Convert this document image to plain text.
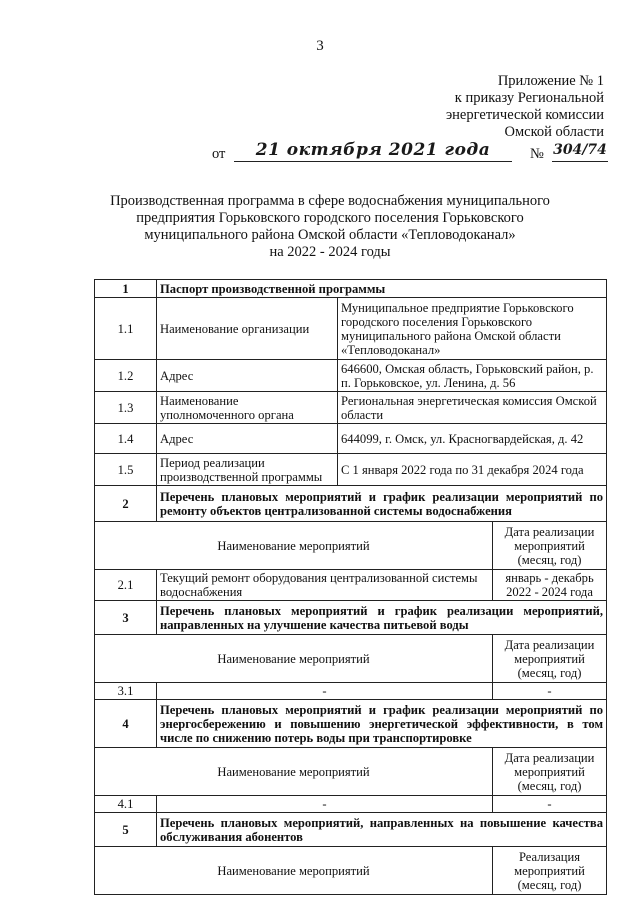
3
Приложение № 1
к приказу Региональной
энергетической комиссии
Омской области
от	21 октября 2021 года	№ 304/74
Производственная программа в сфере водоснабжения муниципального
предприятия Горьковского городского поселения Горьковского
муниципального района Омской области «Тепловодоканал»
на 2022 - 2024 годы
1	Паспорт производственной программы		
1.1	Наименование организации	Муниципальное предприятие Горьковского городского поселения Горьковского муниципального района Омской области «Тепловодоканал»	
1.2	Адрес	646600, Омская область, Горьковский район, р. п. Горьковское, ул. Ленина, д. 56	
1.3	Наименование уполномоченного органа	Региональная энергетическая комиссия Омской области	
1.4	Адрес	644099, г. Омск, ул. Красногвардейская, д. 42	
1.5	Период реализации производственной программы	С 1 января 2022 года по 31 декабря 2024 года	
2	Перечень плановых мероприятий и график реализации мероприятий по ремонту объектов централизованной системы водоснабжения		
Наименование мероприятий			Дата реализации мероприятий (месяц, год)
2.1	Текущий ремонт оборудования централизованной системы водоснабжения		январь - декабрь 2022 - 2024 года
3	Перечень плановых мероприятий и график реализации мероприятий, направленных на улучшение качества питьевой воды		
Наименование мероприятий			Дата реализации мероприятий (месяц, год)
3.1	-		-
4	Перечень плановых мероприятий и график реализации мероприятий по энергосбережению и повышению энергетической эффективности, в том числе по снижению потерь воды при транспортировке		
Наименование мероприятий			Дата реализации мероприятий (месяц, год)
4.1	-		-
5	Перечень плановых мероприятий, направленных на повышение качества обслуживания абонентов		
Наименование мероприятий			Реализация мероприятий (месяц, год)
